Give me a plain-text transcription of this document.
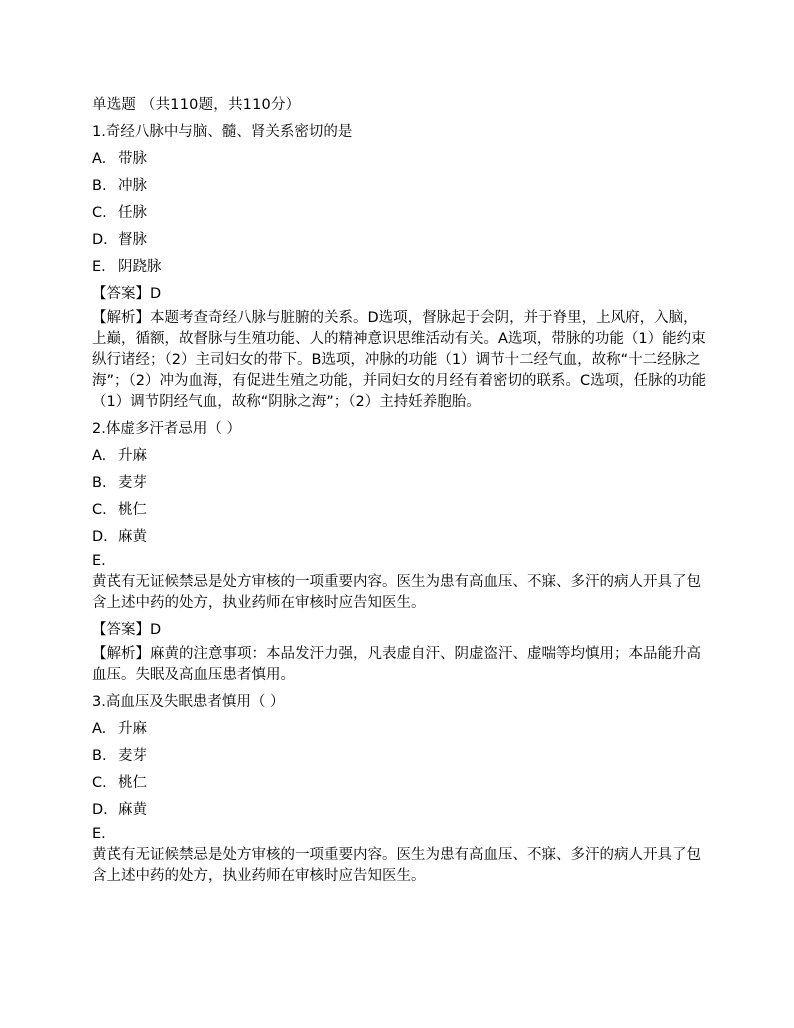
单选题 （共110题，共110分）
1.奇经八脉中与脑、髓、肾关系密切的是
A. 带脉
B. 冲脉
C. 任脉
D. 督脉
E. 阴跷脉
【答案】D
【解析】本题考查奇经八脉与脏腑的关系。D选项，督脉起于会阴，并于脊里，上风府，入脑，上巅，循额，故督脉与生殖功能、人的精神意识思维活动有关。A选项，带脉的功能（1）能约束纵行诸经；（2）主司妇女的带下。B选项，冲脉的功能（1）调节十二经气血，故称“十二经脉之海”；（2）冲为血海，有促进生殖之功能，并同妇女的月经有着密切的联系。C选项，任脉的功能（1）调节阴经气血，故称“阴脉之海”；（2）主持妊养胞胎。
2.体虚多汗者忌用（ ）
A. 升麻
B. 麦芽
C. 桃仁
D. 麻黄
E.
黄芪有无证候禁忌是处方审核的一项重要内容。医生为患有高血压、不寐、多汗的病人开具了包含上述中药的处方，执业药师在审核时应告知医生。
【答案】D
【解析】麻黄的注意事项：本品发汗力强，凡表虚自汗、阴虚盗汗、虚喘等均慎用；本品能升高血压。失眠及高血压患者慎用。
3.高血压及失眠患者慎用（ ）
A. 升麻
B. 麦芽
C. 桃仁
D. 麻黄
E.
黄芪有无证候禁忌是处方审核的一项重要内容。医生为患有高血压、不寐、多汗的病人开具了包含上述中药的处方，执业药师在审核时应告知医生。
